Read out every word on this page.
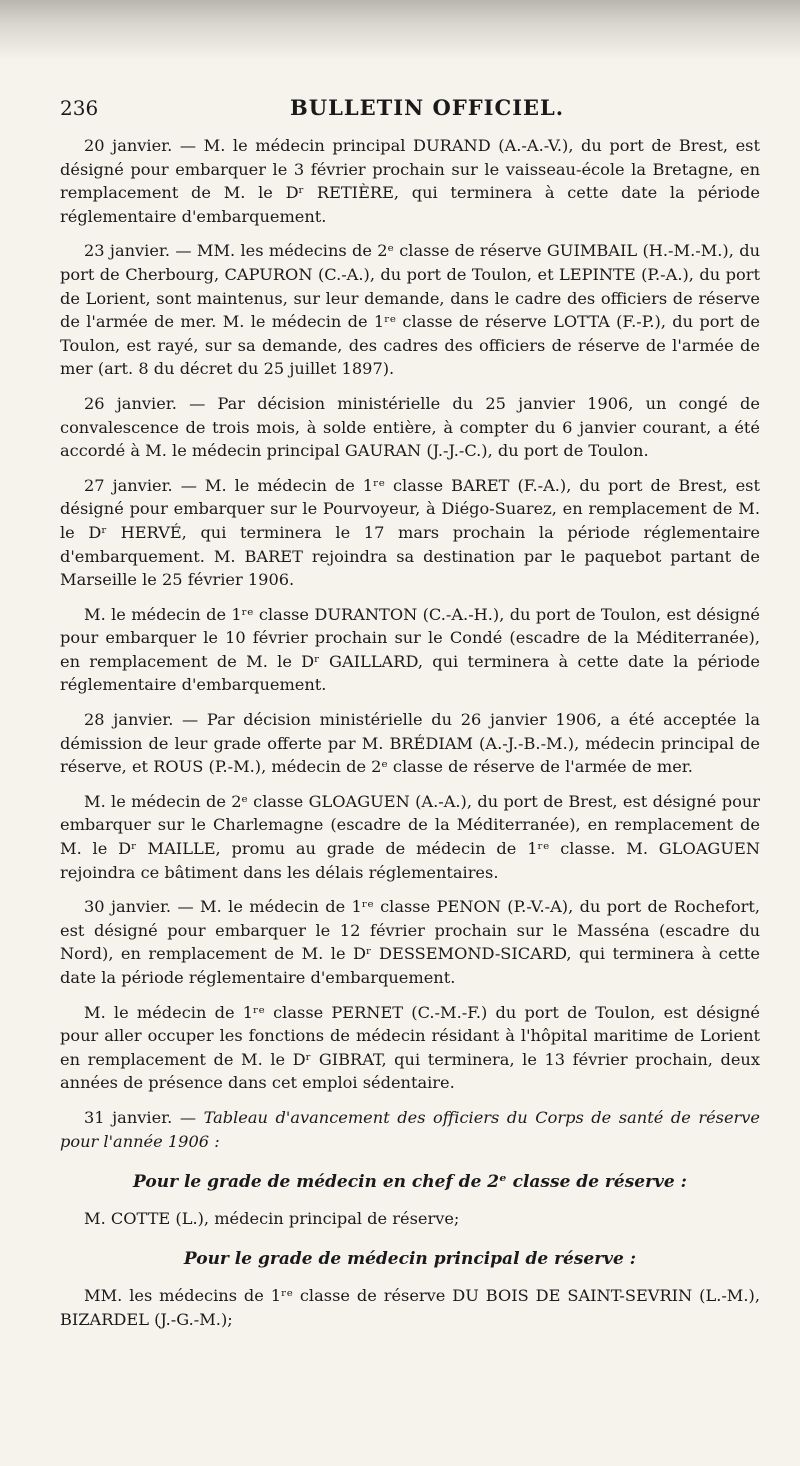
236	BULLETIN OFFICIEL.

20 janvier. — M. le médecin principal DURAND (A.-A.-V.), du port de Brest, est désigné pour embarquer le 3 février prochain sur le vaisseau-école la Bretagne, en remplacement de M. le Dʳ RETIÈRE, qui terminera à cette date la période réglementaire d'embarquement.

23 janvier. — MM. les médecins de 2ᵉ classe de réserve GUIMBAIL (H.-M.-M.), du port de Cherbourg, CAPURON (C.-A.), du port de Toulon, et LEPINTE (P.-A.), du port de Lorient, sont maintenus, sur leur demande, dans le cadre des officiers de réserve de l'armée de mer. M. le médecin de 1ʳᵉ classe de réserve LOTTA (F.-P.), du port de Toulon, est rayé, sur sa demande, des cadres des officiers de réserve de l'armée de mer (art. 8 du décret du 25 juillet 1897).

26 janvier. — Par décision ministérielle du 25 janvier 1906, un congé de convalescence de trois mois, à solde entière, à compter du 6 janvier courant, a été accordé à M. le médecin principal GAURAN (J.-J.-C.), du port de Toulon.

27 janvier. — M. le médecin de 1ʳᵉ classe BARET (F.-A.), du port de Brest, est désigné pour embarquer sur le Pourvoyeur, à Diégo-Suarez, en remplacement de M. le Dʳ HERVÉ, qui terminera le 17 mars prochain la période réglementaire d'embarquement. M. BARET rejoindra sa destination par le paquebot partant de Marseille le 25 février 1906.

M. le médecin de 1ʳᵉ classe DURANTON (C.-A.-H.), du port de Toulon, est désigné pour embarquer le 10 février prochain sur le Condé (escadre de la Méditerranée), en remplacement de M. le Dʳ GAILLARD, qui terminera à cette date la période réglementaire d'embarquement.

28 janvier. — Par décision ministérielle du 26 janvier 1906, a été acceptée la démission de leur grade offerte par M. BRÉDIAM (A.-J.-B.-M.), médecin principal de réserve, et ROUS (P.-M.), médecin de 2ᵉ classe de réserve de l'armée de mer.

M. le médecin de 2ᵉ classe GLOAGUEN (A.-A.), du port de Brest, est désigné pour embarquer sur le Charlemagne (escadre de la Méditerranée), en remplacement de M. le Dʳ MAILLE, promu au grade de médecin de 1ʳᵉ classe. M. GLOAGUEN rejoindra ce bâtiment dans les délais réglementaires.

30 janvier. — M. le médecin de 1ʳᵉ classe PENON (P.-V.-A), du port de Rochefort, est désigné pour embarquer le 12 février prochain sur le Masséna (escadre du Nord), en remplacement de M. le Dʳ DESSEMOND-SICARD, qui terminera à cette date la période réglementaire d'embarquement.

M. le médecin de 1ʳᵉ classe PERNET (C.-M.-F.) du port de Toulon, est désigné pour aller occuper les fonctions de médecin résidant à l'hôpital maritime de Lorient en remplacement de M. le Dʳ GIBRAT, qui terminera, le 13 février prochain, deux années de présence dans cet emploi sédentaire.

31 janvier. — Tableau d'avancement des officiers du Corps de santé de réserve pour l'année 1906 :

Pour le grade de médecin en chef de 2ᵉ classe de réserve :

M. COTTE (L.), médecin principal de réserve;

Pour le grade de médecin principal de réserve :

MM. les médecins de 1ʳᵉ classe de réserve DU BOIS DE SAINT-SEVRIN (L.-M.), BIZARDEL (J.-G.-M.);
